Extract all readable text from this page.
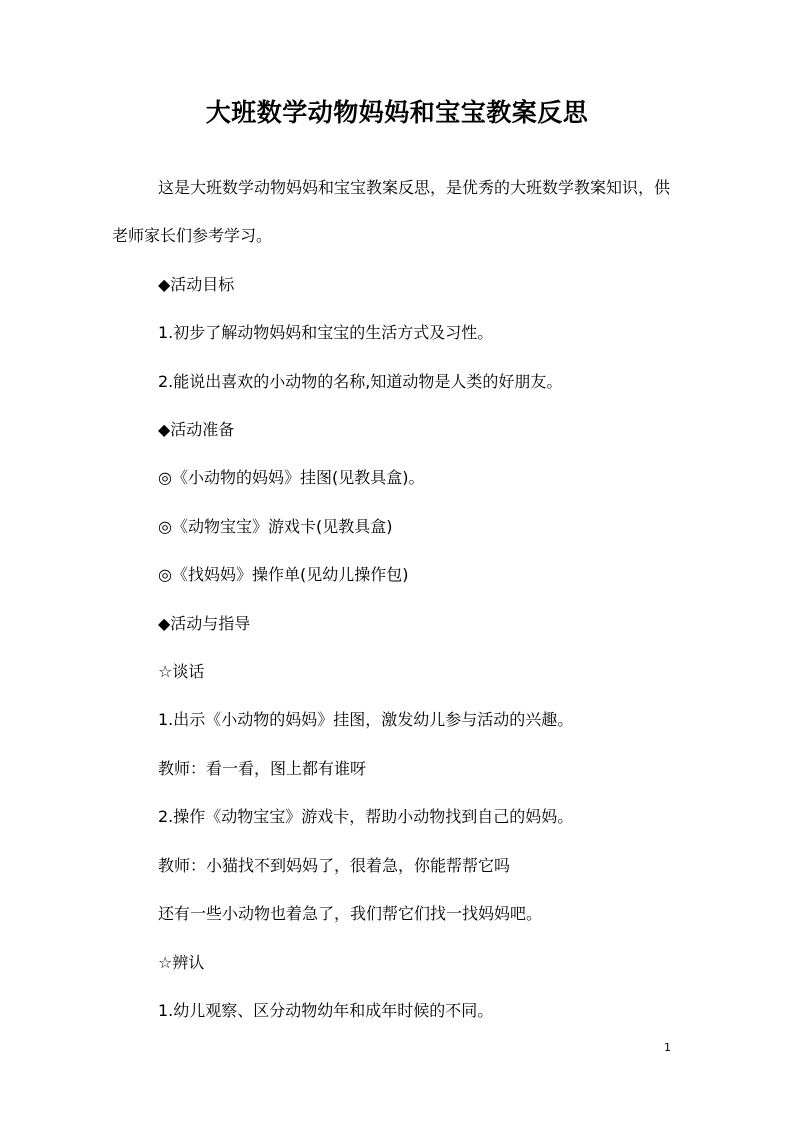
大班数学动物妈妈和宝宝教案反思

这是大班数学动物妈妈和宝宝教案反思，是优秀的大班数学教案知识，供老师家长们参考学习。

◆活动目标

1.初步了解动物妈妈和宝宝的生活方式及习性。

2.能说出喜欢的小动物的名称,知道动物是人类的好朋友。

◆活动准备

◎《小动物的妈妈》挂图(见教具盒)。

◎《动物宝宝》游戏卡(见教具盒)

◎《找妈妈》操作单(见幼儿操作包)

◆活动与指导

☆谈话

1.出示《小动物的妈妈》挂图，激发幼儿参与活动的兴趣。

教师：看一看，图上都有谁呀

2.操作《动物宝宝》游戏卡，帮助小动物找到自己的妈妈。

教师：小猫找不到妈妈了，很着急，你能帮帮它吗

还有一些小动物也着急了，我们帮它们找一找妈妈吧。

☆辨认

1.幼儿观察、区分动物幼年和成年时候的不同。

1
